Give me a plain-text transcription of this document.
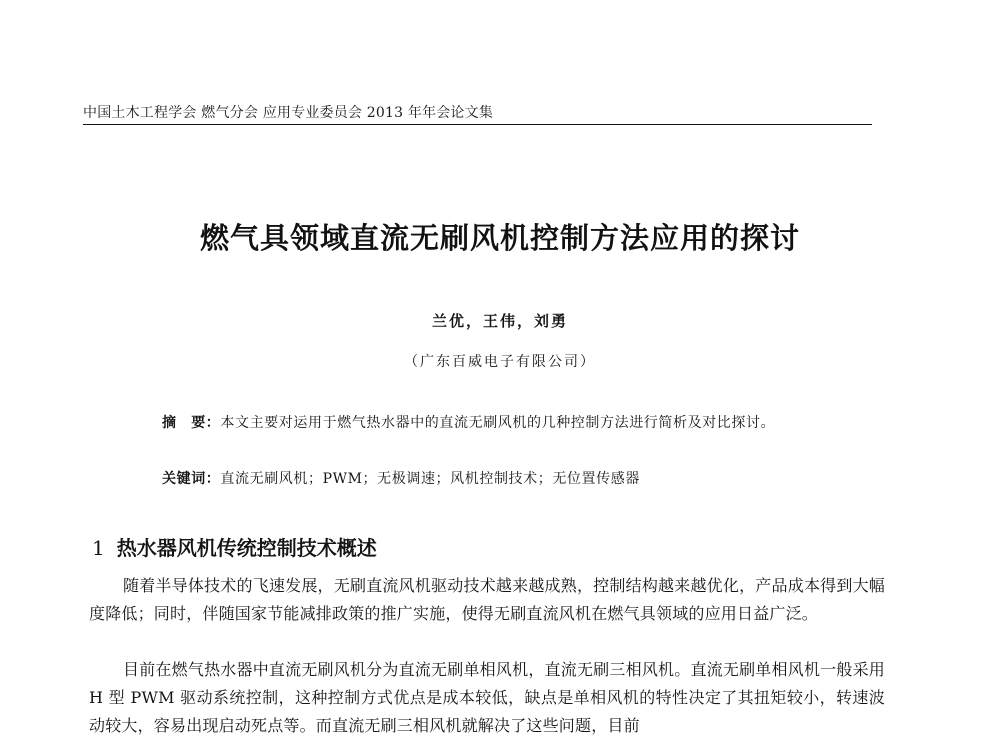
中国土木工程学会 燃气分会 应用专业委员会 2013 年年会论文集
燃气具领域直流无刷风机控制方法应用的探讨
兰优，王伟，刘勇
（广东百威电子有限公司）
摘　要：本文主要对运用于燃气热水器中的直流无刷风机的几种控制方法进行简析及对比探讨。
关键词：直流无刷风机；PWM；无极调速；风机控制技术；无位置传感器
1 热水器风机传统控制技术概述
随着半导体技术的飞速发展，无刷直流风机驱动技术越来越成熟，控制结构越来越优化，产品成本得到大幅度降低；同时，伴随国家节能减排政策的推广实施，使得无刷直流风机在燃气具领域的应用日益广泛。
目前在燃气热水器中直流无刷风机分为直流无刷单相风机，直流无刷三相风机。直流无刷单相风机一般采用 H 型 PWM 驱动系统控制，这种控制方式优点是成本较低，缺点是单相风机的特性决定了其扭矩较小，转速波动较大，容易出现启动死点等。而直流无刷三相风机就解决了这些问题，目前
